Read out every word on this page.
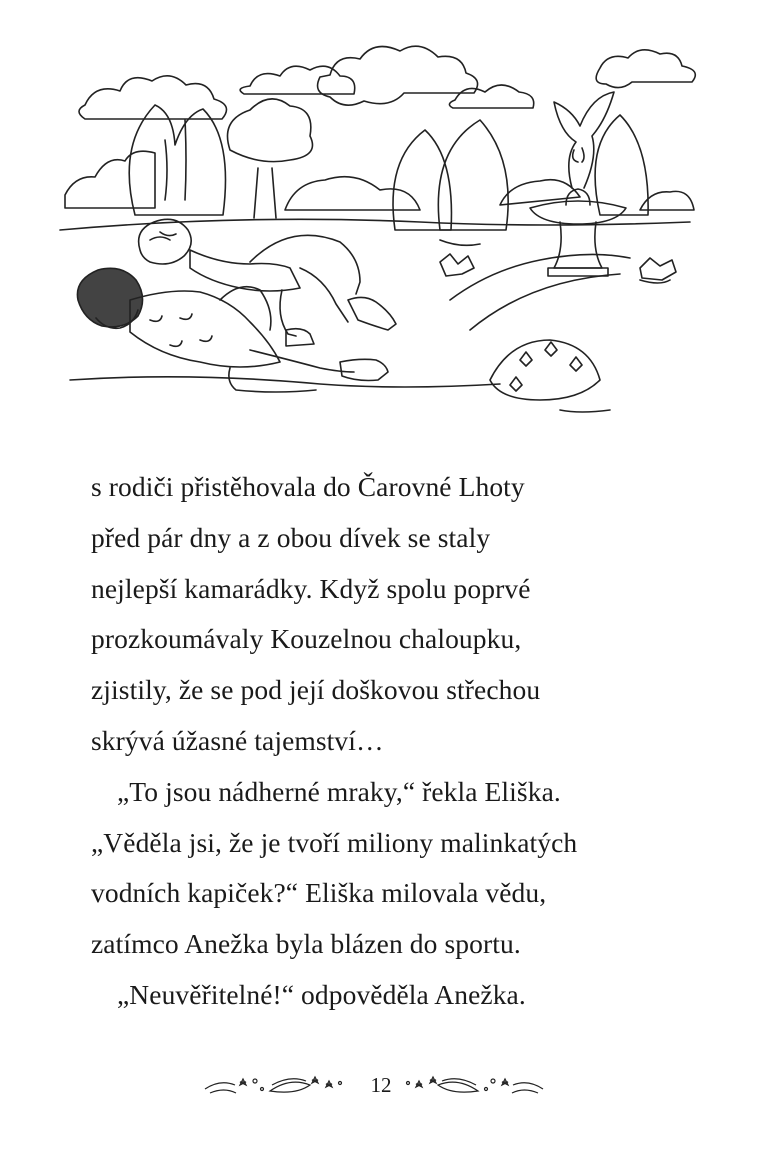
s rodiči přistěhovala do Čarovné Lhoty
před pár dny a z obou dívek se staly
nejlepší kamarádky. Když spolu poprvé
prozkoumávaly Kouzelnou chaloupku,
zjistily, že se pod její doškovou střechou
skrývá úžasné tajemství…
„To jsou nádherné mraky,“ řekla Eliška.
„Věděla jsi, že je tvoří miliony malinkatých
vodních kapiček?“ Eliška milovala vědu,
zatímco Anežka byla blázen do sportu.
„Neuvěřitelné!“ odpověděla Anežka.
12
